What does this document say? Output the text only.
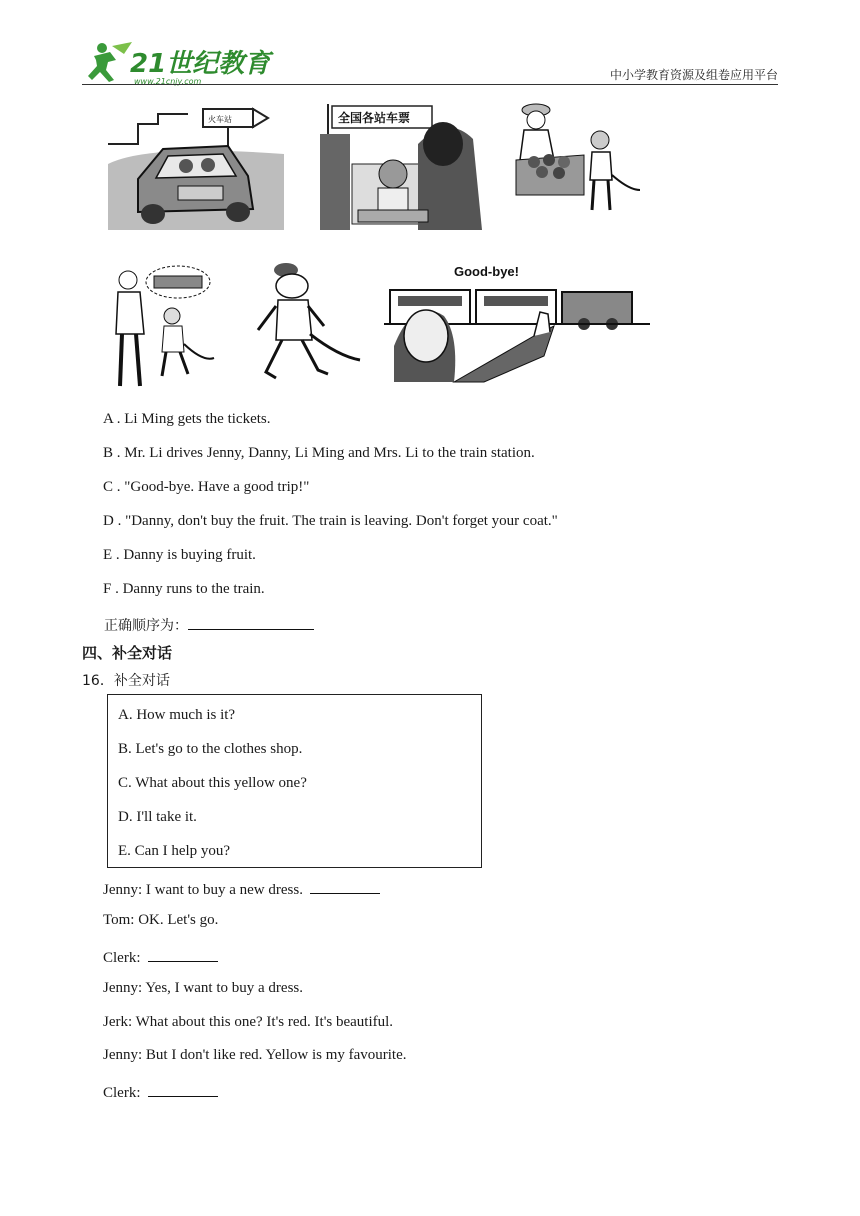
21世纪教育
www.21cnjy.com	中小学教育资源及组卷应用平台
火车站	全国各站车票
Good-bye!
A . Li Ming gets the tickets.
B . Mr. Li drives Jenny, Danny, Li Ming and Mrs. Li to the train station.
C . "Good-bye. Have a good trip!"
D . "Danny, don't buy the fruit. The train is leaving. Don't forget your coat."
E . Danny is buying fruit.
F . Danny runs to the train.
正确顺序为：
四、补全对话
16．补全对话
A. How much is it?
B. Let's go to the clothes shop.
C. What about this yellow one?
D. I'll take it.
E. Can I help you?
Jenny: I want to buy a new dress.
Tom: OK. Let's go.
Clerk:
Jenny: Yes, I want to buy a dress.
Jerk: What about this one? It's red. It's beautiful.
Jenny: But I don't like red. Yellow is my favourite.
Clerk:
